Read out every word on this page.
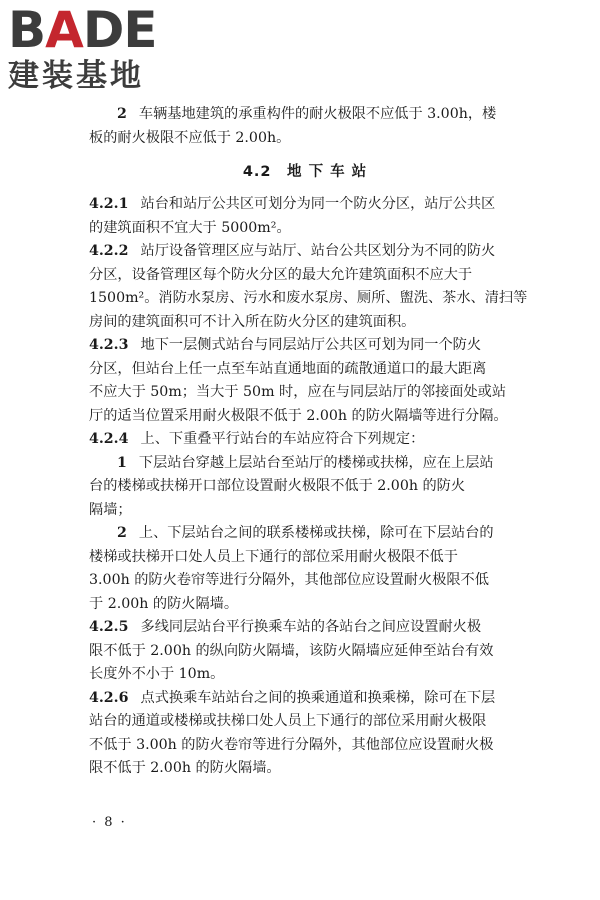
BADE
建装基地
2 车辆基地建筑的承重构件的耐火极限不应低于 3.00h，楼
板的耐火极限不应低于 2.00h。
4.2　地 下 车 站
4.2.1 站台和站厅公共区可划分为同一个防火分区，站厅公共区
的建筑面积不宜大于 5000m²。
4.2.2 站厅设备管理区应与站厅、站台公共区划分为不同的防火
分区，设备管理区每个防火分区的最大允许建筑面积不应大于
1500m²。消防水泵房、污水和废水泵房、厕所、盥洗、茶水、清扫等
房间的建筑面积可不计入所在防火分区的建筑面积。
4.2.3 地下一层侧式站台与同层站厅公共区可划为同一个防火
分区，但站台上任一点至车站直通地面的疏散通道口的最大距离
不应大于 50m；当大于 50m 时，应在与同层站厅的邻接面处或站
厅的适当位置采用耐火极限不低于 2.00h 的防火隔墙等进行分隔。
4.2.4 上、下重叠平行站台的车站应符合下列规定：
1 下层站台穿越上层站台至站厅的楼梯或扶梯，应在上层站
台的楼梯或扶梯开口部位设置耐火极限不低于 2.00h 的防火
隔墙；
2 上、下层站台之间的联系楼梯或扶梯，除可在下层站台的
楼梯或扶梯开口处人员上下通行的部位采用耐火极限不低于
3.00h 的防火卷帘等进行分隔外，其他部位应设置耐火极限不低
于 2.00h 的防火隔墙。
4.2.5 多线同层站台平行换乘车站的各站台之间应设置耐火极
限不低于 2.00h 的纵向防火隔墙，该防火隔墙应延伸至站台有效
长度外不小于 10m。
4.2.6 点式换乘车站站台之间的换乘通道和换乘梯，除可在下层
站台的通道或楼梯或扶梯口处人员上下通行的部位采用耐火极限
不低于 3.00h 的防火卷帘等进行分隔外，其他部位应设置耐火极
限不低于 2.00h 的防火隔墙。
· 8 ·
